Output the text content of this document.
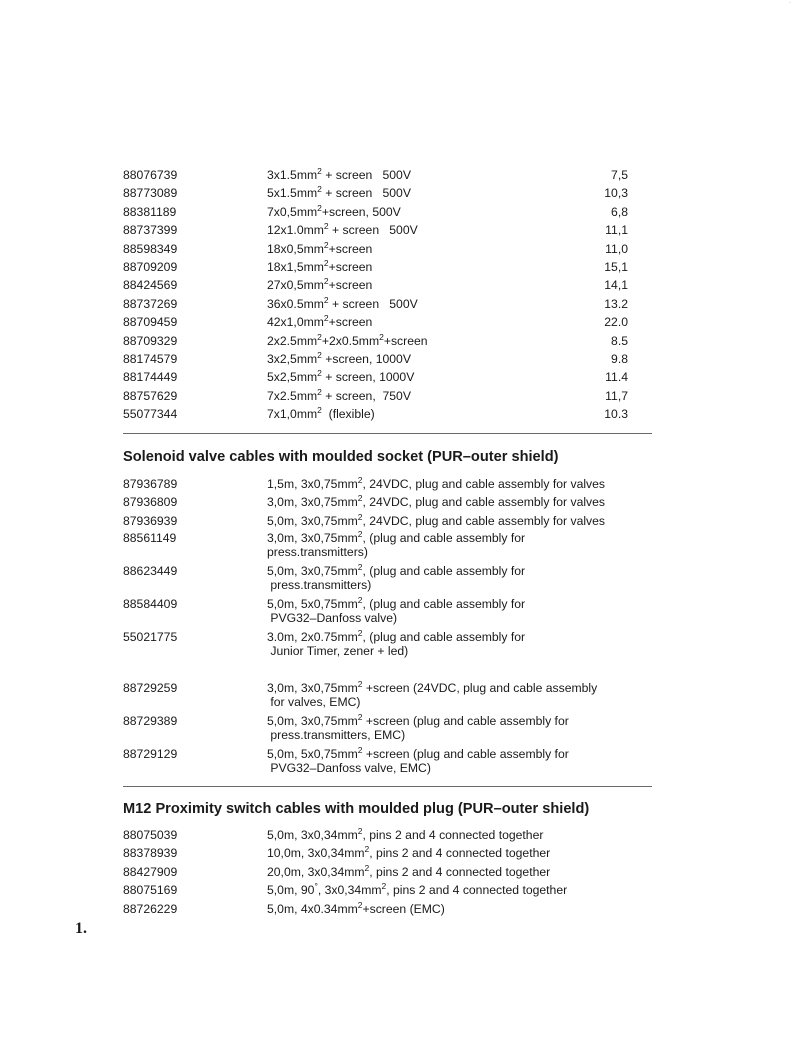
·
88076739	$3x1.5mm^2$ + screen   500V	7,5
88773089	$5x1.5mm^2$ + screen   500V	10,3
88381189	$7x0,5mm^2+screen$, 500V	6,8
88737399	$12x1.0mm^2$ + screen   500V	11,1
88598349	$18x0,5mm^2+screen$	11,0
88709209	$18x1,5mm^2+screen$	15,1
88424569	$27x0,5mm^2+screen$	14,1
88737269	$36x0.5mm^2$ + screen   500V	13.2
88709459	$42x1,0mm^2+screen$	22.0
88709329	$2x2.5mm^2+2x0.5mm^2+screen$	8.5
88174579	$3x2,5mm^2$ +screen, 1000V	9.8
88174449	$5x2,5mm^2$ + screen, 1000V	11.4
88757629	$7x2.5mm^2$ + screen,  750V	11,7
55077344	$7x1,0mm^2$  (flexible)	10.3
Solenoid valve cables with moulded socket (PUR–outer shield)
87936789	1,5m, $3x0,75mm^2$, 24VDC, plug and cable assembly for valves
87936809	3,0m, $3x0,75mm^2$, 24VDC, plug and cable assembly for valves
87936939	5,0m, $3x0,75mm^2$, 24VDC, plug and cable assembly for valves
88561149	3,0m, $3x0,75mm^2$, (plug and cable assembly for
press.transmitters)
88623449	5,0m, $3x0,75mm^2$, (plug and cable assembly for
press.transmitters)
88584409	5,0m, $5x0,75mm^2$, (plug and cable assembly for
PVG32–Danfoss valve)
55021775	3.0m, $2x0.75mm^2$, (plug and cable assembly for
Junior Timer, zener + led)
88729259	3,0m, $3x0,75mm^2$ +screen (24VDC, plug and cable assembly
for valves, EMC)
88729389	5,0m, $3x0,75mm^2$ +screen (plug and cable assembly for
press.transmitters, EMC)
88729129	5,0m, $5x0,75mm^2$ +screen (plug and cable assembly for
PVG32–Danfoss valve, EMC)
M12 Proximity switch cables with moulded plug (PUR–outer shield)
88075039	5,0m, $3x0,34mm^2$, pins 2 and 4 connected together
88378939	10,0m, $3x0,34mm^2$, pins 2 and 4 connected together
88427909	20,0m, $3x0,34mm^2$, pins 2 and 4 connected together
88075169	5,0m, 90°, $3x0,34mm^2$, pins 2 and 4 connected together
88726229	5,0m, $4x0.34mm^2+screen$ (EMC)
1.
